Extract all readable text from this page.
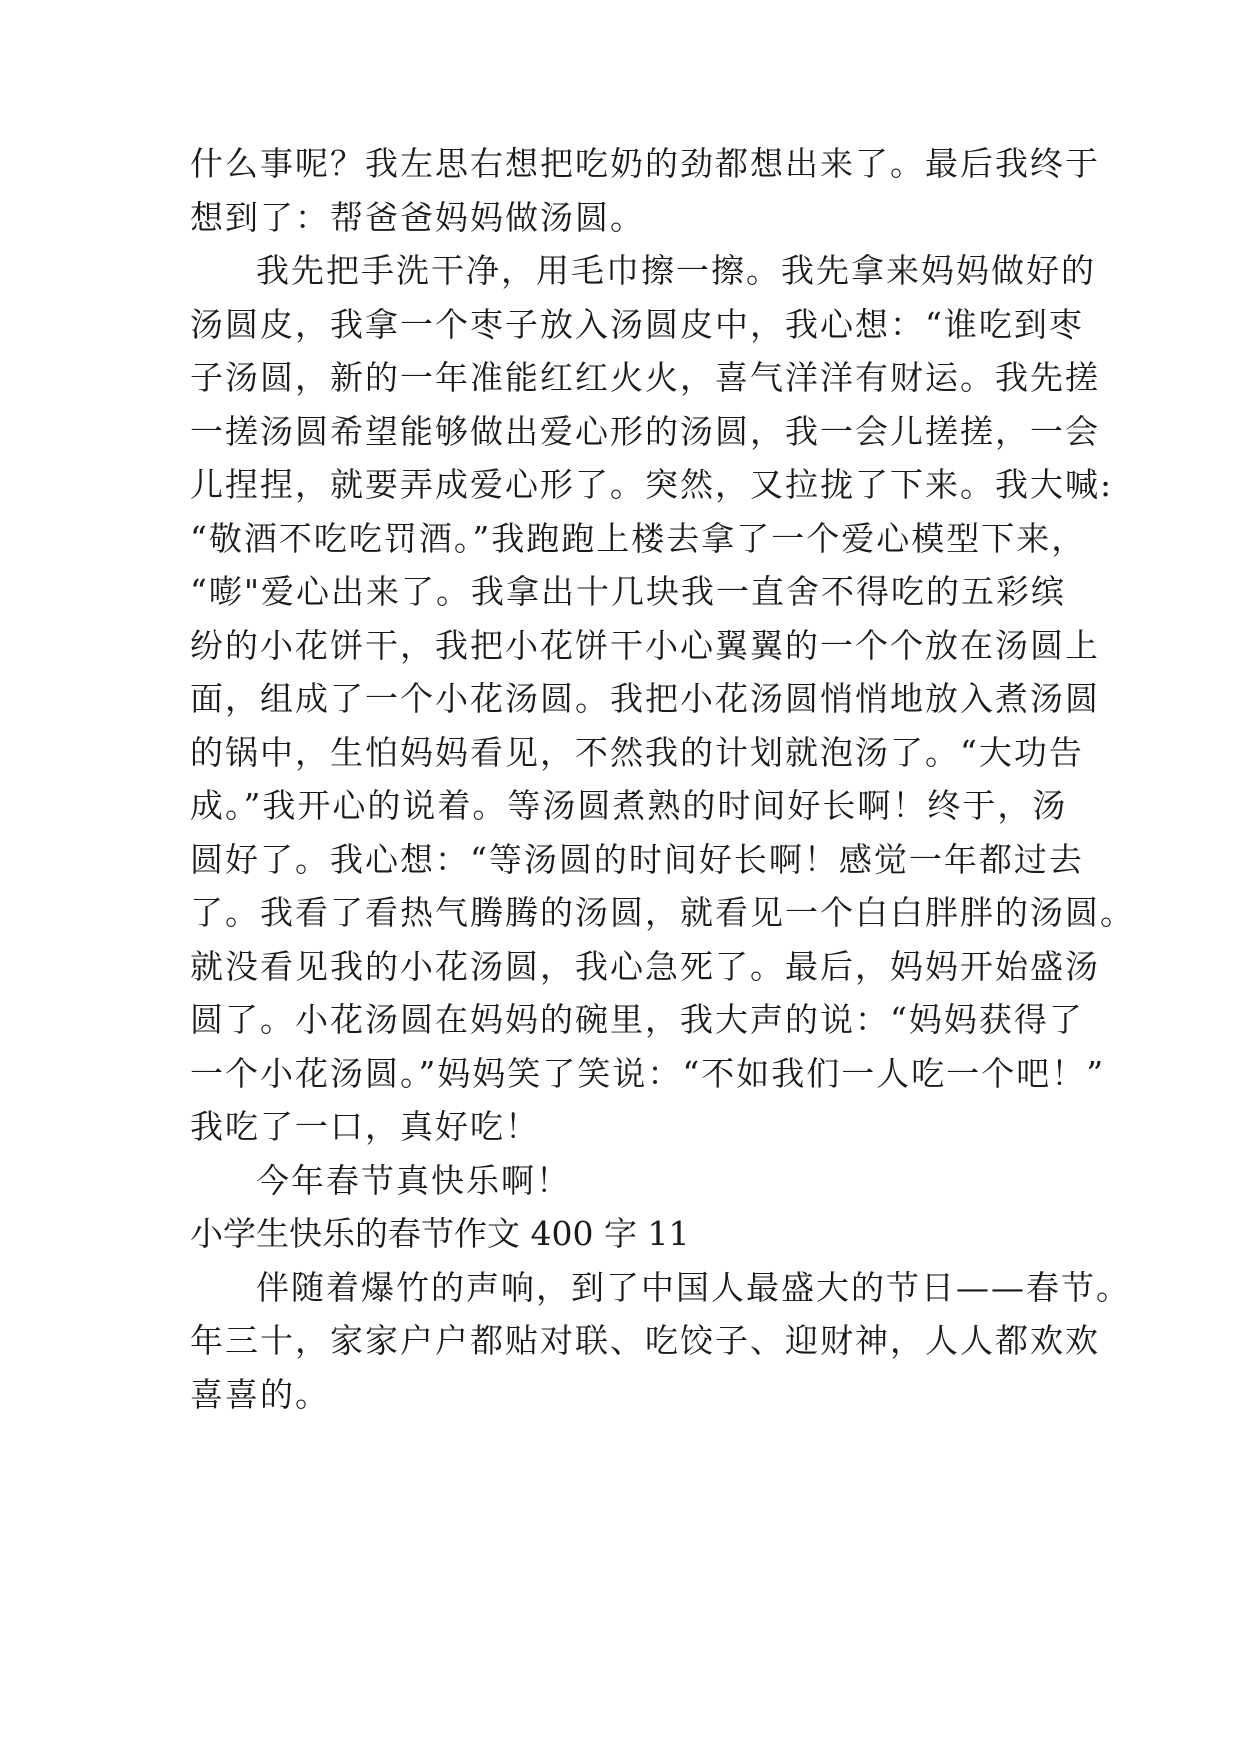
什么事呢？我左思右想把吃奶的劲都想出来了。最后我终于
想到了：帮爸爸妈妈做汤圆。
我先把手洗干净，用毛巾擦一擦。我先拿来妈妈做好的
汤圆皮，我拿一个枣子放入汤圆皮中，我心想：“谁吃到枣
子汤圆，新的一年准能红红火火，喜气洋洋有财运。我先搓
一搓汤圆希望能够做出爱心形的汤圆，我一会儿搓搓，一会
儿捏捏，就要弄成爱心形了。突然，又拉拢了下来。我大喊:
“敬酒不吃吃罚酒。”我跑跑上楼去拿了一个爱心模型下来，
“嘭"爱心出来了。我拿出十几块我一直舍不得吃的五彩缤
纷的小花饼干，我把小花饼干小心翼翼的一个个放在汤圆上
面，组成了一个小花汤圆。我把小花汤圆悄悄地放入煮汤圆
的锅中，生怕妈妈看见，不然我的计划就泡汤了。“大功告
成。”我开心的说着。等汤圆煮熟的时间好长啊！终于，汤
圆好了。我心想：“等汤圆的时间好长啊！感觉一年都过去
了。我看了看热气腾腾的汤圆，就看见一个白白胖胖的汤圆。
就没看见我的小花汤圆，我心急死了。最后，妈妈开始盛汤
圆了。小花汤圆在妈妈的碗里，我大声的说：“妈妈获得了
一个小花汤圆。”妈妈笑了笑说：“不如我们一人吃一个吧！”
我吃了一口，真好吃！
今年春节真快乐啊！
小学生快乐的春节作文 400 字 11
伴随着爆竹的声响，到了中国人最盛大的节日——春节。
年三十，家家户户都贴对联、吃饺子、迎财神，人人都欢欢
喜喜的。
